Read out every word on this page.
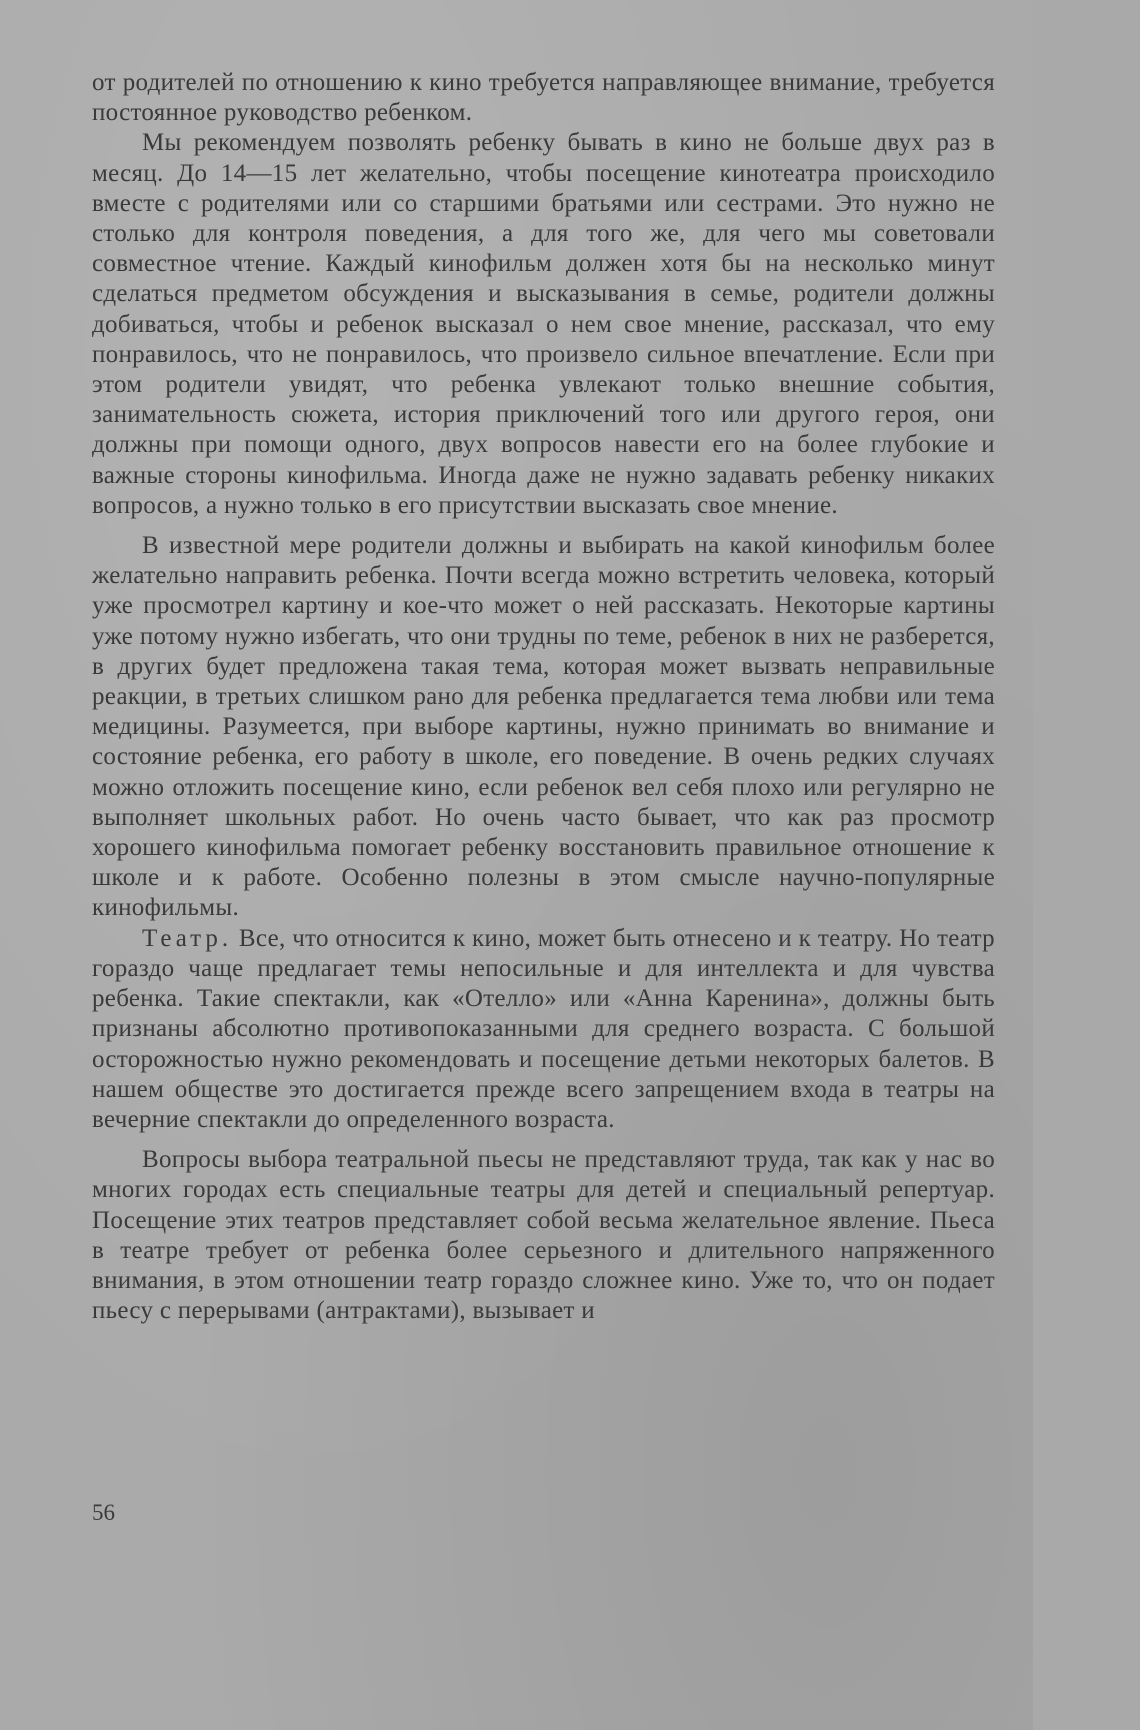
от родителей по отношению к кино требуется направляющее внимание, требуется постоянное руководство ребенком.

Мы рекомендуем позволять ребенку бывать в кино не больше двух раз в месяц. До 14—15 лет желательно, чтобы посещение кинотеатра происходило вместе с родителями или со старшими братьями или сестрами. Это нужно не столько для контроля поведения, а для того же, для чего мы советовали совместное чтение. Каждый кинофильм должен хотя бы на несколько минут сделаться предметом обсуждения и высказывания в семье, родители должны добиваться, чтобы и ребенок высказал о нем свое мнение, рассказал, что ему понравилось, что не понравилось, что произвело сильное впечатление. Если при этом родители увидят, что ребенка увлекают только внешние события, занимательность сюжета, история приключений того или другого героя, они должны при помощи одного, двух вопросов навести его на более глубокие и важные стороны кинофильма. Иногда даже не нужно задавать ребенку никаких вопросов, а нужно только в его присутствии высказать свое мнение.

В известной мере родители должны и выбирать на какой кинофильм более желательно направить ребенка. Почти всегда можно встретить человека, который уже просмотрел картину и кое-что может о ней рассказать. Некоторые картины уже потому нужно избегать, что они трудны по теме, ребенок в них не разберется, в других будет предложена такая тема, которая может вызвать неправильные реакции, в третьих слишком рано для ребенка предлагается тема любви или тема медицины. Разумеется, при выборе картины, нужно принимать во внимание и состояние ребенка, его работу в школе, его поведение. В очень редких случаях можно отложить посещение кино, если ребенок вел себя плохо или регулярно не выполняет школьных работ. Но очень часто бывает, что как раз просмотр хорошего кинофильма помогает ребенку восстановить правильное отношение к школе и к работе. Особенно полезны в этом смысле научно-популярные кинофильмы.

Театр. Все, что относится к кино, может быть отнесено и к театру. Но театр гораздо чаще предлагает темы непосильные и для интеллекта и для чувства ребенка. Такие спектакли, как «Отелло» или «Анна Каренина», должны быть признаны абсолютно противопоказанными для среднего возраста. С большой осторожностью нужно рекомендовать и посещение детьми некоторых балетов. В нашем обществе это достигается прежде всего запрещением входа в театры на вечерние спектакли до определенного возраста.

Вопросы выбора театральной пьесы не представляют труда, так как у нас во многих городах есть специальные театры для детей и специальный репертуар. Посещение этих театров представляет собой весьма желательное явление. Пьеса в театре требует от ребенка более серьезного и длительного напряженного внимания, в этом отношении театр гораздо сложнее кино. Уже то, что он подает пьесу с перерывами (антрактами), вызывает и

56
